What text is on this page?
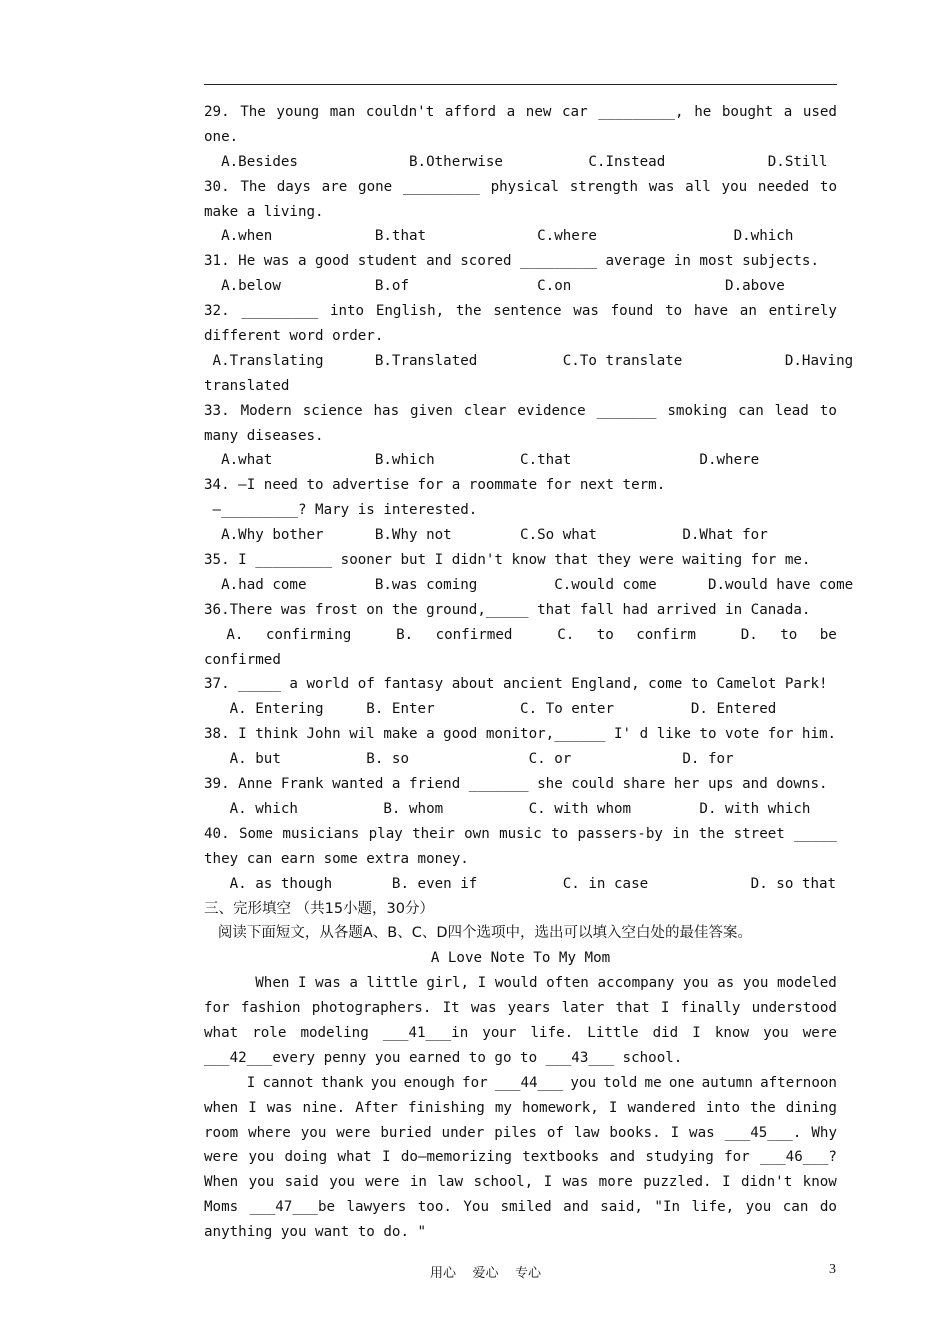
29. The young man couldn't afford a new car _________, he bought a used
one.
A.Besides             B.Otherwise          C.Instead            D.Still
30. The days are gone _________ physical strength was all you needed to
make a living.
A.when            B.that             C.where                D.which
31. He was a good student and scored _________ average in most subjects.
A.below           B.of               C.on                  D.above
32. _________ into English, the sentence was found to have an entirely
different word order.
A.Translating      B.Translated          C.To translate            D.Having
translated
33. Modern science has given clear evidence _______ smoking can lead to
many diseases.
A.what            B.which          C.that               D.where
34. —I need to advertise for a roommate for next term.
—_________? Mary is interested.
A.Why bother      B.Why not        C.So what          D.What for
35. I _________ sooner but I didn't know that they were waiting for me.
A.had come        B.was coming         C.would come      D.would have come
36.There was frost on the ground,_____ that fall had arrived in Canada.
A. confirming	B. confirmed	C. to confirm	D. to be
confirmed
37. _____ a world of fantasy about ancient England, come to Camelot Park!
A. Entering     B. Enter          C. To enter         D. Entered
38. I think John wil make a good monitor,______ I' d like to vote for him.
A. but          B. so              C. or             D. for
39. Anne Frank wanted a friend _______ she could share her ups and downs.
A. which          B. whom          C. with whom        D. with which
40. Some musicians play their own music to passers-by in the street _____
they can earn some extra money.
A. as though       B. even if          C. in case            D. so that
三、完形填空 （共15小题，30分）
阅读下面短文，从各题A、B、C、D四个选项中，选出可以填入空白处的最佳答案。
A Love Note To My Mom
When I was a little girl, I would often accompany you as you modeled
for fashion photographers. It was years later that I finally understood
what role modeling ___41___in your life. Little did I know you were
___42___every penny you earned to go to ___43___ school.
I cannot thank you enough for ___44___ you told me one autumn afternoon
when I was nine. After finishing my homework, I wandered into the dining
room where you were buried under piles of law books. I was ___45___. Why
were you doing what I do—memorizing textbooks and studying for ___46___?
When you said you were in law school, I was more puzzled. I didn't know
Moms ___47___be lawyers too. You smiled and said, "In life, you can do
anything you want to do. "
用心    爱心    专心	3
